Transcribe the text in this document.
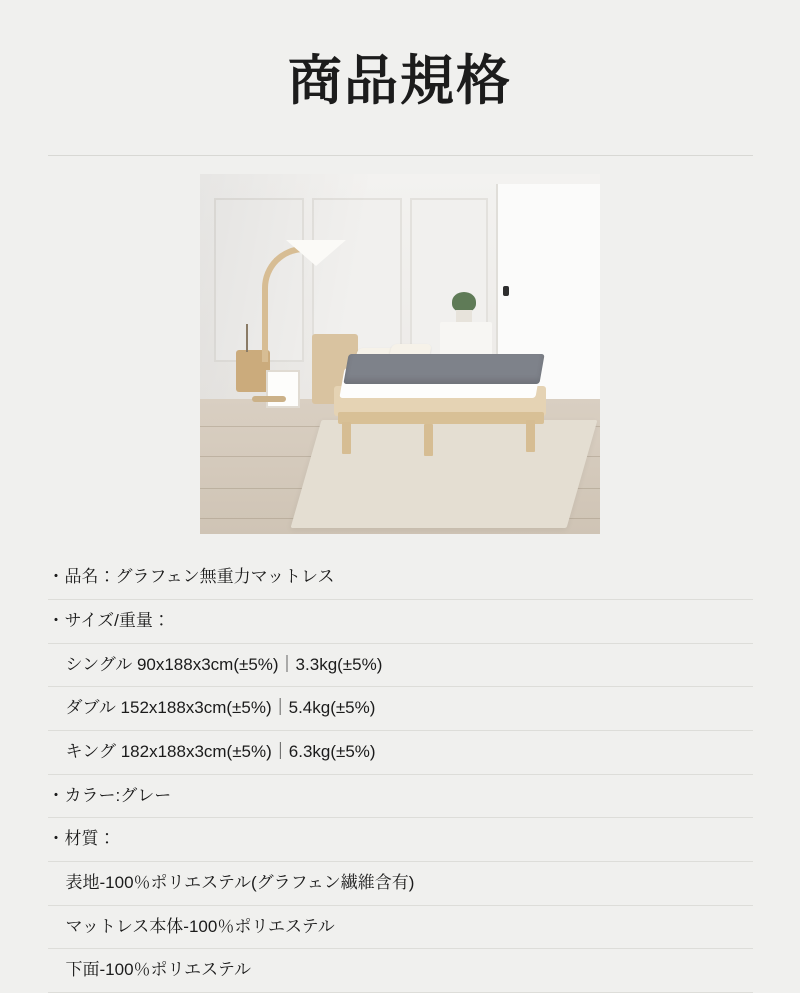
商品規格
・品名：グラフェン無重力マットレス
・サイズ/重量：
シングル 90x188x3cm(±5%)｜3.3kg(±5%)
ダブル 152x188x3cm(±5%)｜5.4kg(±5%)
キング 182x188x3cm(±5%)｜6.3kg(±5%)
・カラー:グレー
・材質：
表地-100％ポリエステル(グラフェン繊維含有)
マットレス本体-100％ポリエステル
下面-100％ポリエステル
